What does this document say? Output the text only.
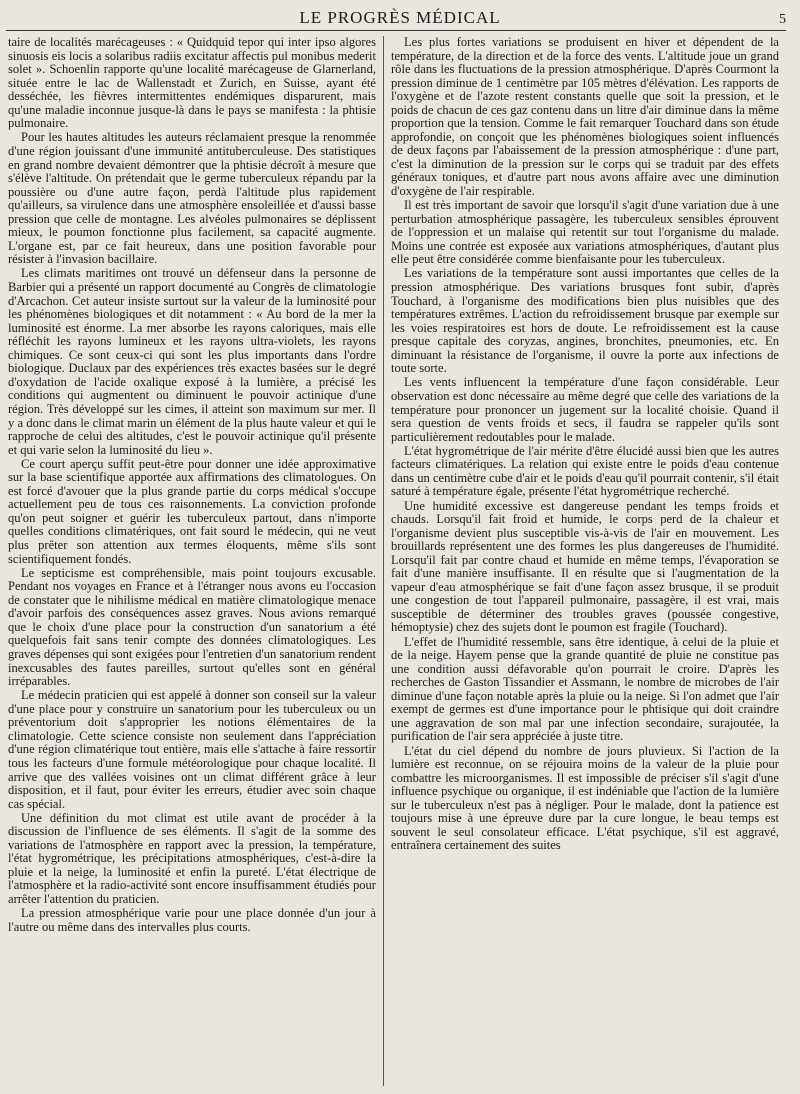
LE PROGRÈS MÉDICAL	5

taire de localités marécageuses : « Quidquid tepor qui inter ipso algores sinuosis eis locis a solaribus radiis excitatur affectis pul monibus mederit solet ». Schoenlin rapporte qu'une localité marécageuse de Glarnerland, située entre le lac de Wallenstadt et Zurich, en Suisse, ayant été desséchée, les fièvres intermittentes endémiques disparurent, mais qu'une maladie inconnue jusque-là dans le pays se manifesta : la phtisie pulmonaire.

Pour les hautes altitudes les auteurs réclamaient presque la renommée d'une région jouissant d'une immunité antituberculeuse. Des statistiques en grand nombre devaient démontrer que la phtisie décroît à mesure que s'élève l'altitude. On prétendait que le germe tuberculeux répandu par la poussière ou d'une autre façon, perdà l'altitude plus rapidement qu'ailleurs, sa virulence dans une atmosphère ensoleillée et d'aussi basse pression que celle de montagne. Les alvéoles pulmonaires se déplissent mieux, le poumon fonctionne plus facilement, sa capacité augmente. L'organe est, par ce fait heureux, dans une position favorable pour résister à l'invasion bacillaire.

Les climats maritimes ont trouvé un défenseur dans la personne de Barbier qui a présenté un rapport documenté au Congrès de climatologie d'Arcachon. Cet auteur insiste surtout sur la valeur de la luminosité pour les phénomènes biologiques et dit notamment : « Au bord de la mer la luminosité est énorme. La mer absorbe les rayons caloriques, mais elle réfléchit les rayons lumineux et les rayons ultra-violets, les rayons chimiques. Ce sont ceux-ci qui sont les plus importants dans l'ordre biologique. Duclaux par des expériences très exactes basées sur le degré d'oxydation de l'acide oxalique exposé à la lumière, a précisé les conditions qui augmentent ou diminuent le pouvoir actinique d'une région. Très développé sur les cimes, il atteint son maximum sur mer. Il y a donc dans le climat marin un élément de la plus haute valeur et qui le rapproche de celui des altitudes, c'est le pouvoir actinique qu'il présente et qui varie selon la luminosité du lieu ».

Ce court aperçu suffit peut-être pour donner une idée approximative sur la base scientifique apportée aux affirmations des climatologues. On est forcé d'avouer que la plus grande partie du corps médical s'occupe actuellement peu de tous ces raisonnements. La conviction profonde qu'on peut soigner et guérir les tuberculeux partout, dans n'importe quelles conditions climatériques, ont fait sourd le médecin, qui ne veut plus prêter son attention aux termes éloquents, même s'ils sont scientifiquement fondés.

Le septicisme est compréhensible, mais point toujours excusable. Pendant nos voyages en France et à l'étranger nous avons eu l'occasion de constater que le nihilisme médical en matière climatologique menace d'avoir parfois des conséquences assez graves. Nous avions remarqué que le choix d'une place pour la construction d'un sanatorium a été quelquefois fait sans tenir compte des données climatologiques. Les graves dépenses qui sont exigées pour l'entretien d'un sanatorium rendent inexcusables des fautes pareilles, surtout qu'elles sont en général irréparables.

Le médecin praticien qui est appelé à donner son conseil sur la valeur d'une place pour y construire un sanatorium pour les tuberculeux ou un préventorium doit s'approprier les notions élémentaires de la climatologie. Cette science consiste non seulement dans l'appréciation d'une région climatérique tout entière, mais elle s'attache à faire ressortir tous les facteurs d'une formule météorologique pour chaque localité. Il arrive que des vallées voisines ont un climat différent grâce à leur disposition, et il faut, pour éviter les erreurs, étudier avec soin chaque cas spécial.

Une définition du mot climat est utile avant de procéder à la discussion de l'influence de ses éléments. Il s'agit de la somme des variations de l'atmosphère en rapport avec la pression, la température, l'état hygrométrique, les précipitations atmosphériques, c'est-à-dire la pluie et la neige, la luminosité et enfin la pureté. L'état électrique de l'atmosphère et la radio-activité sont encore insuffisamment étudiés pour arrêter l'attention du praticien.

La pression atmosphérique varie pour une place donnée d'un jour à l'autre ou même dans des intervalles plus courts.

Les plus fortes variations se produisent en hiver et dépendent de la température, de la direction et de la force des vents. L'altitude joue un grand rôle dans les fluctuations de la pression atmosphérique. D'après Courmont la pression diminue de 1 centimètre par 105 mètres d'élévation. Les rapports de l'oxygène et de l'azote restent constants quelle que soit la pression, et le poids de chacun de ces gaz contenu dans un litre d'air diminue dans la même proportion que la tension. Comme le fait remarquer Touchard dans son étude approfondie, on conçoit que les phénomènes biologiques soient influencés de deux façons par l'abaissement de la pression atmosphérique : d'une part, c'est la diminution de la pression sur le corps qui se traduit par des effets généraux toniques, et d'autre part nous avons affaire avec une diminution d'oxygène de l'air respirable.

Il est très important de savoir que lorsqu'il s'agit d'une variation due à une perturbation atmosphérique passagère, les tuberculeux sensibles éprouvent de l'oppression et un malaise qui retentit sur tout l'organisme du malade. Moins une contrée est exposée aux variations atmosphériques, d'autant plus elle peut être considérée comme bienfaisante pour les tuberculeux.

Les variations de la température sont aussi importantes que celles de la pression atmosphérique. Des variations brusques font subir, d'après Touchard, à l'organisme des modifications bien plus nuisibles que des températures extrêmes. L'action du refroidissement brusque par exemple sur les voies respiratoires est hors de doute. Le refroidissement est la cause presque capitale des coryzas, angines, bronchites, pneumonies, etc. En diminuant la résistance de l'organisme, il ouvre la porte aux infections de toute sorte.

Les vents influencent la température d'une façon considérable. Leur observation est donc nécessaire au même degré que celle des variations de la température pour prononcer un jugement sur la localité choisie. Quand il sera question de vents froids et secs, il faudra se rappeler qu'ils sont particulièrement redoutables pour le malade.

L'état hygrométrique de l'air mérite d'être élucidé aussi bien que les autres facteurs climatériques. La relation qui existe entre le poids d'eau contenue dans un centimètre cube d'air et le poids d'eau qu'il pourrait contenir, s'il était saturé à température égale, présente l'état hygrométrique recherché.

Une humidité excessive est dangereuse pendant les temps froids et chauds. Lorsqu'il fait froid et humide, le corps perd de la chaleur et l'organisme devient plus susceptible vis-à-vis de l'air en mouvement. Les brouillards représentent une des formes les plus dangereuses de l'humidité. Lorsqu'il fait par contre chaud et humide en même temps, l'évaporation se fait d'une manière insuffisante. Il en résulte que si l'augmentation de la vapeur d'eau atmosphérique se fait d'une façon assez brusque, il se produit une congestion de tout l'appareil pulmonaire, passagère, il est vrai, mais susceptible de déterminer des troubles graves (poussée congestive, hémoptysie) chez des sujets dont le poumon est fragile (Touchard).

L'effet de l'humidité ressemble, sans être identique, à celui de la pluie et de la neige. Hayem pense que la grande quantité de pluie ne constitue pas une condition aussi défavorable qu'on pourrait le croire. D'après les recherches de Gaston Tissandier et Assmann, le nombre de microbes de l'air diminue d'une façon notable après la pluie ou la neige. Si l'on admet que l'air exempt de germes est d'une importance pour le phtisique qui doit craindre une aggravation de son mal par une infection secondaire, surajoutée, la purification de l'air sera appréciée à juste titre.

L'état du ciel dépend du nombre de jours pluvieux. Si l'action de la lumière est reconnue, on se réjouira moins de la valeur de la pluie pour combattre les microorganismes. Il est impossible de préciser s'il s'agit d'une influence psychique ou organique, il est indéniable que l'action de la lumière sur le tuberculeux n'est pas à négliger. Pour le malade, dont la patience est toujours mise à une épreuve dure par la cure longue, le beau temps est souvent le seul consolateur efficace. L'état psychique, s'il est aggravé, entraînera certainement des suites
